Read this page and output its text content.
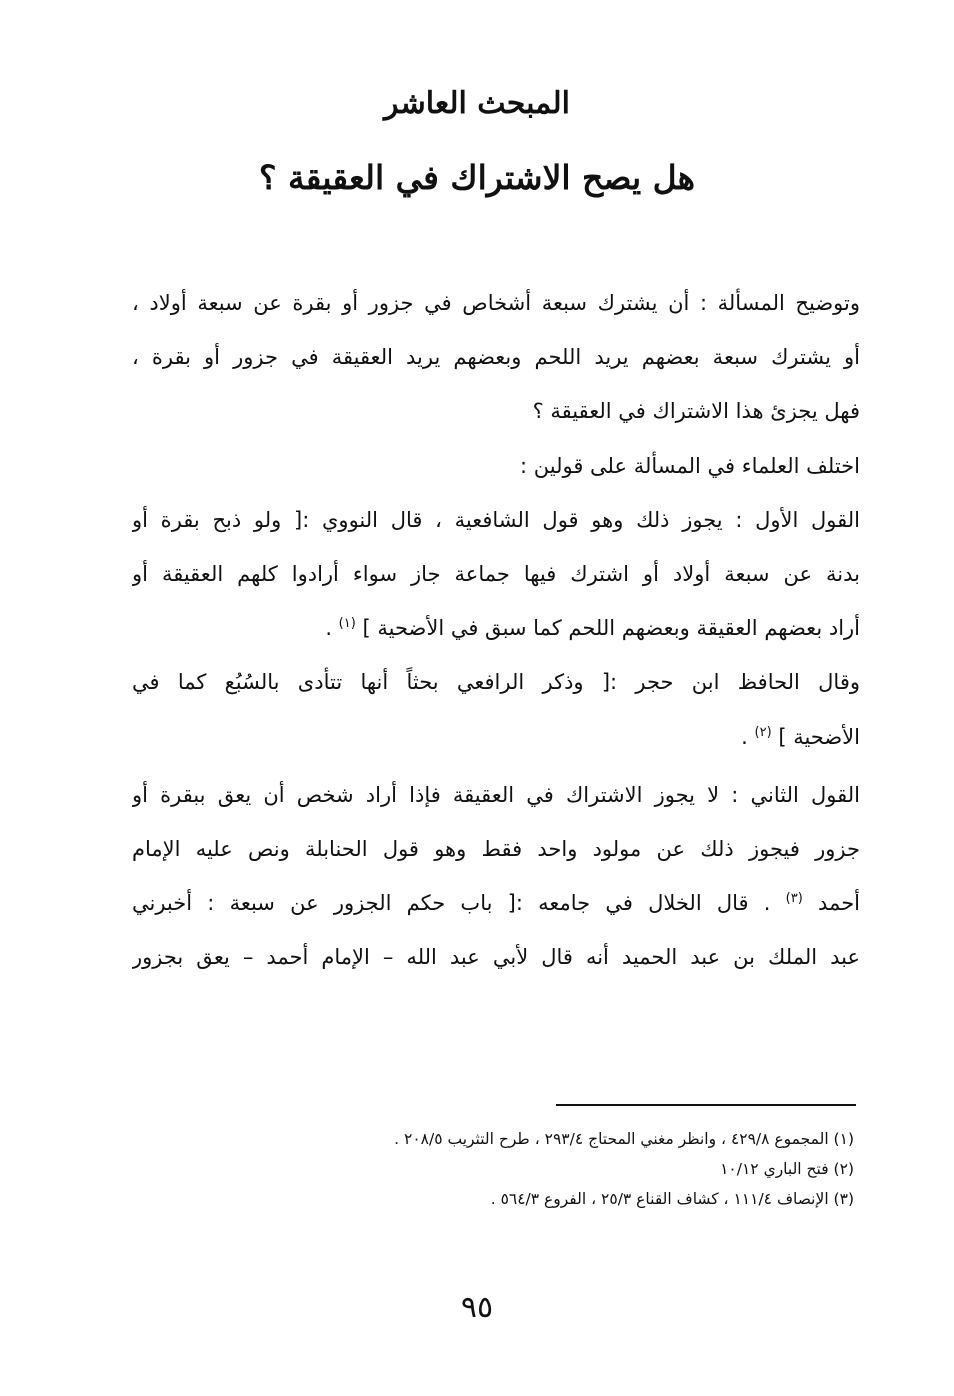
المبحث العاشر
هل يصح الاشتراك في العقيقة ؟
وتوضيح المسألة : أن يشترك سبعة أشخاص في جزور أو بقرة عن سبعة أولاد ،
أو يشترك سبعة بعضهم يريد اللحم وبعضهم يريد العقيقة في جزور أو بقرة ،
فهل يجزئ هذا الاشتراك في العقيقة ؟
اختلف العلماء في المسألة على قولين :
القول الأول : يجوز ذلك وهو قول الشافعية ، قال النووي :[ ولو ذبح بقرة أو
بدنة عن سبعة أولاد أو اشترك فيها جماعة جاز سواء أرادوا كلهم العقيقة أو
أراد بعضهم العقيقة وبعضهم اللحم كما سبق في الأضحية ] $^{(١)}$ .
وقال الحافظ ابن حجر :[ وذكر الرافعي بحثاً أنها تتأدى بالسُبُع كما في
الأضحية ] $^{(٢)}$ .
القول الثاني : لا يجوز الاشتراك في العقيقة فإذا أراد شخص أن يعق ببقرة أو
جزور فيجوز ذلك عن مولود واحد فقط وهو قول الحنابلة ونص عليه الإمام
أحمد $^{(٣)}$ . قال الخلال في جامعه :[ باب حكم الجزور عن سبعة : أخبرني
عبد الملك بن عبد الحميد أنه قال لأبي عبد الله – الإمام أحمد – يعق بجزور
(١) المجموع ٤٢٩/٨ ، وانظر مغني المحتاج ٢٩٣/٤ ، طرح التثريب ٢٠٨/٥ .
(٢) فتح الباري ١٠/١٢
(٣) الإنصاف ١١١/٤ ، كشاف القناع ٢٥/٣ ، الفروع ٥٦٤/٣ .
٩٥
